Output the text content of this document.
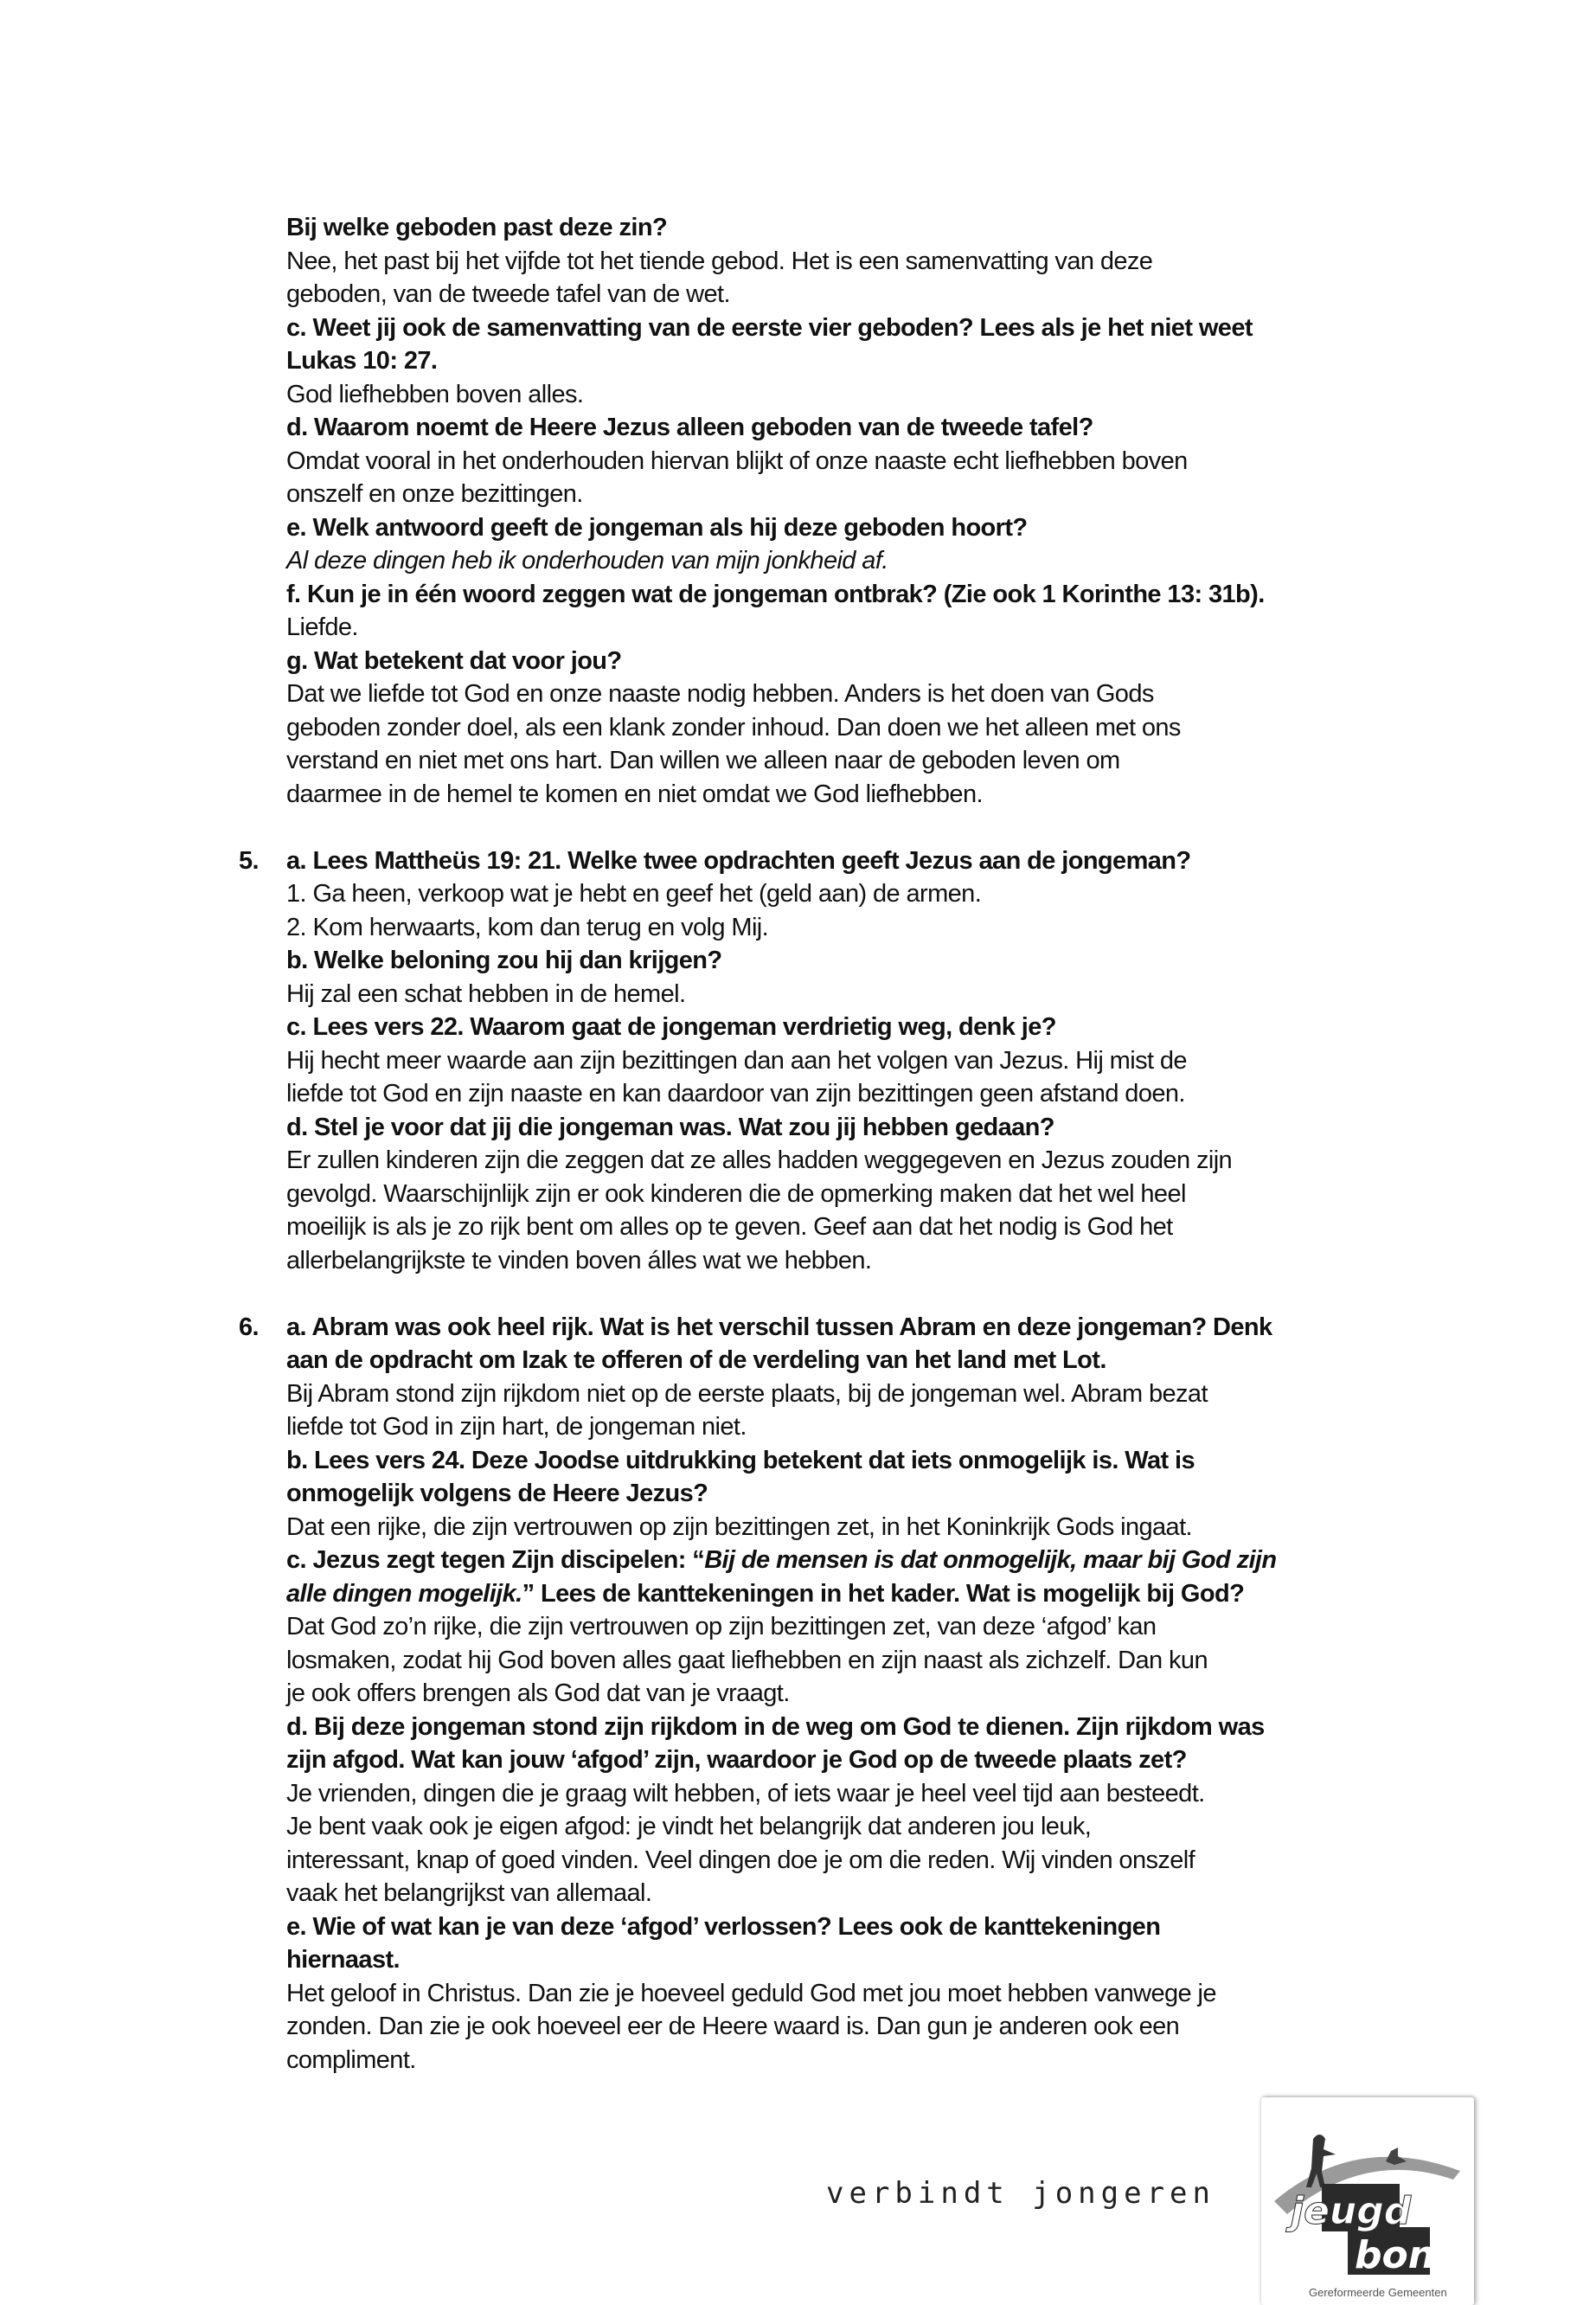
Bij welke geboden past deze zin?
Nee, het past bij het vijfde tot het tiende gebod. Het is een samenvatting van deze
geboden, van de tweede tafel van de wet.
c. Weet jij ook de samenvatting van de eerste vier geboden? Lees als je het niet weet
Lukas 10: 27.
God liefhebben boven alles.
d. Waarom noemt de Heere Jezus alleen geboden van de tweede tafel?
Omdat vooral in het onderhouden hiervan blijkt of onze naaste echt liefhebben boven
onszelf en onze bezittingen.
e. Welk antwoord geeft de jongeman als hij deze geboden hoort?
Al deze dingen heb ik onderhouden van mijn jonkheid af.
f. Kun je in één woord zeggen wat de jongeman ontbrak? (Zie ook 1 Korinthe 13: 31b).
Liefde.
g. Wat betekent dat voor jou?
Dat we liefde tot God en onze naaste nodig hebben. Anders is het doen van Gods
geboden zonder doel, als een klank zonder inhoud. Dan doen we het alleen met ons
verstand en niet met ons hart. Dan willen we alleen naar de geboden leven om
daarmee in de hemel te komen en niet omdat we God liefhebben.
5. a. Lees Mattheüs 19: 21. Welke twee opdrachten geeft Jezus aan de jongeman?
1. Ga heen, verkoop wat je hebt en geef het (geld aan) de armen.
2. Kom herwaarts, kom dan terug en volg Mij.
b. Welke beloning zou hij dan krijgen?
Hij zal een schat hebben in de hemel.
c. Lees vers 22. Waarom gaat de jongeman verdrietig weg, denk je?
Hij hecht meer waarde aan zijn bezittingen dan aan het volgen van Jezus. Hij mist de
liefde tot God en zijn naaste en kan daardoor van zijn bezittingen geen afstand doen.
d. Stel je voor dat jij die jongeman was. Wat zou jij hebben gedaan?
Er zullen kinderen zijn die zeggen dat ze alles hadden weggegeven en Jezus zouden zijn
gevolgd. Waarschijnlijk zijn er ook kinderen die de opmerking maken dat het wel heel
moeilijk is als je zo rijk bent om alles op te geven. Geef aan dat het nodig is God het
allerbelangrijkste te vinden boven álles wat we hebben.
6. a. Abram was ook heel rijk. Wat is het verschil tussen Abram en deze jongeman? Denk
aan de opdracht om Izak te offeren of de verdeling van het land met Lot.
Bij Abram stond zijn rijkdom niet op de eerste plaats, bij de jongeman wel. Abram bezat
liefde tot God in zijn hart, de jongeman niet.
b. Lees vers 24. Deze Joodse uitdrukking betekent dat iets onmogelijk is. Wat is
onmogelijk volgens de Heere Jezus?
Dat een rijke, die zijn vertrouwen op zijn bezittingen zet, in het Koninkrijk Gods ingaat.
c. Jezus zegt tegen Zijn discipelen: “Bij de mensen is dat onmogelijk, maar bij God zijn
alle dingen mogelijk.” Lees de kanttekeningen in het kader. Wat is mogelijk bij God?
Dat God zo’n rijke, die zijn vertrouwen op zijn bezittingen zet, van deze ‘afgod’ kan
losmaken, zodat hij God boven alles gaat liefhebben en zijn naast als zichzelf. Dan kun
je ook offers brengen als God dat van je vraagt.
d. Bij deze jongeman stond zijn rijkdom in de weg om God te dienen. Zijn rijkdom was
zijn afgod. Wat kan jouw ‘afgod’ zijn, waardoor je God op de tweede plaats zet?
Je vrienden, dingen die je graag wilt hebben, of iets waar je heel veel tijd aan besteedt.
Je bent vaak ook je eigen afgod: je vindt het belangrijk dat anderen jou leuk,
interessant, knap of goed vinden. Veel dingen doe je om die reden. Wij vinden onszelf
vaak het belangrijkst van allemaal.
e. Wie of wat kan je van deze ‘afgod’ verlossen? Lees ook de kanttekeningen
hiernaast.
Het geloof in Christus. Dan zie je hoeveel geduld God met jou moet hebben vanwege je
zonden. Dan zie je ook hoeveel eer de Heere waard is. Dan gun je anderen ook een
compliment.
verbindt jongeren jeugd
bond
Gereformeerde Gemeenten
